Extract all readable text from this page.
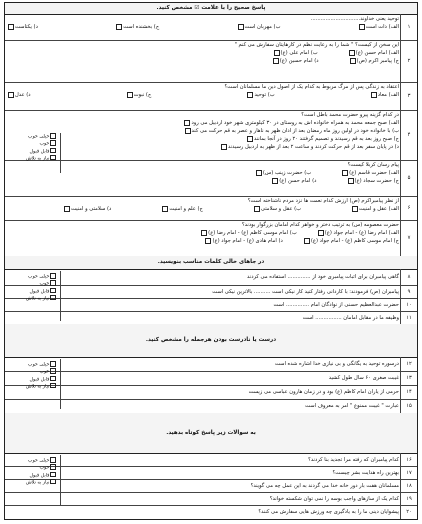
پاسخ صحیح را با علامت ☑ مشخص کنید.
۱
توحید یعنی خداوند..............................
الف) ذات است
ب) مهربان است
ج) بخشنده است
د) یکتاست
۲
این سخن از کیست؟ " شما را به رعایت نظم در کارهایتان سفارش می کنم "
الف) امام حسن (ع)
ب) امام علی (ع)
ج) پیامبر اکرم (ص)
د) امام حسین (ع)
۳
اعتقاد به زندگی پس از مرگ مربوط به کدام یک از اصول دین ما مسلمانان است؟
الف) معاد
ب) توحید
ج) نبوت
د) عدل
۴
در کدام گزینه پیرو حضرت محمد باطل است؟
الف) صبح جمعه محمد به همراه خانواده اش به روستای در ۳۰ کیلومتری شهر خود اردبیل می رود
ب) با خانواده خود در اولین روز ماه رمضان بعد از اذان ظهر به ناهار و عصر به قم حرکت می کند
ج) صبح روز بعد به قم رسیدند و تصمیم گرفتند ۲۰ روز در آنجا بمانند
د) در پایان سفر بعد از قم حرکت کردند و ساعت ۲ بعد از ظهر به اردبیل رسیدند
۵
پیام رسان کربلا کیست؟
الف) حضرت قاسم (ع)
ب) حضرت زینب (س)
ج) حضرت سجاد (ع)
د) امام حسن (ع)
۶
از نظر پیامبراکرم (ص) ارزش کدام نعمت ها نزد مردم ناشناخته است؟
الف) عقل و امنیت
ب) عقل و سلامتی
ج) علم و امنیت
د) سلامتی و امنیت
۷
حضرت معصومه (س) به ترتیب دختر و خواهر کدام امامان بزرگوار بودند؟
الف) امام رضا (ع) - امام جواد (ع)
ب) امام موسی کاظم (ع) - امام رضا (ع)
ج) امام موسی کاظم (ع) - امام جواد (ع)
د) امام هادی (ع) - امام جواد (ع)
خیلی خوب
خوب
قابل قبول
نیاز به تلاش
در جاهای خالی کلمات مناسب بنویسید.
۸
گاهی پیامبران برای اثبات پیامبری خود از .............. استفاده می کردند
۹
پیامبران (ص) فرمودند: با کاردانی رفتار کنید کار نیکی است .......... بالاترین نیکی است
۱۰
حضرت عبدالعظیم حسنی از نوادگان امام .............. است
۱۱
وظیفه ما در مقابل امامان ................ است
خیلی خوب
خوب
قابل قبول
نیاز به تلاش
درست یا نادرست بودن هرجمله را مشخص کنید.
۱۲
درسوره توحید به یگانگی و بی نیازی خدا اشاره شده است
۱۳
غیبت صغری ۶۰ سال طول کشید
۱۴
حرمی از یاران امام کاظم (ع) بود و در زمان هارون عباسی می زیست
۱۵
عبارت " غیبت ممنوع " امر به معروف است
خیلی خوب
خوب
قابل قبول
نیاز به تلاش
به سوالات زیر پاسخ کوتاه بدهید.
۱۶
کدام پیامبران که رفته مرا تجدید بنا کردند؟
۱۷
بهترین راه هدایت بشر چیست؟
۱۸
مسلمانان هفت بار دور خانه خدا می گردند به این عمل چه می گویند؟
۱۹
کدام یک از سازهای واجب بوسه را نمی توان شکسته خواند؟
۲۰
پیشوایان دینی ما را به یادگیری چه ورزش هایی سفارش می کنند؟
خیلی خوب
خوب
قابل قبول
نیاز به تلاش
